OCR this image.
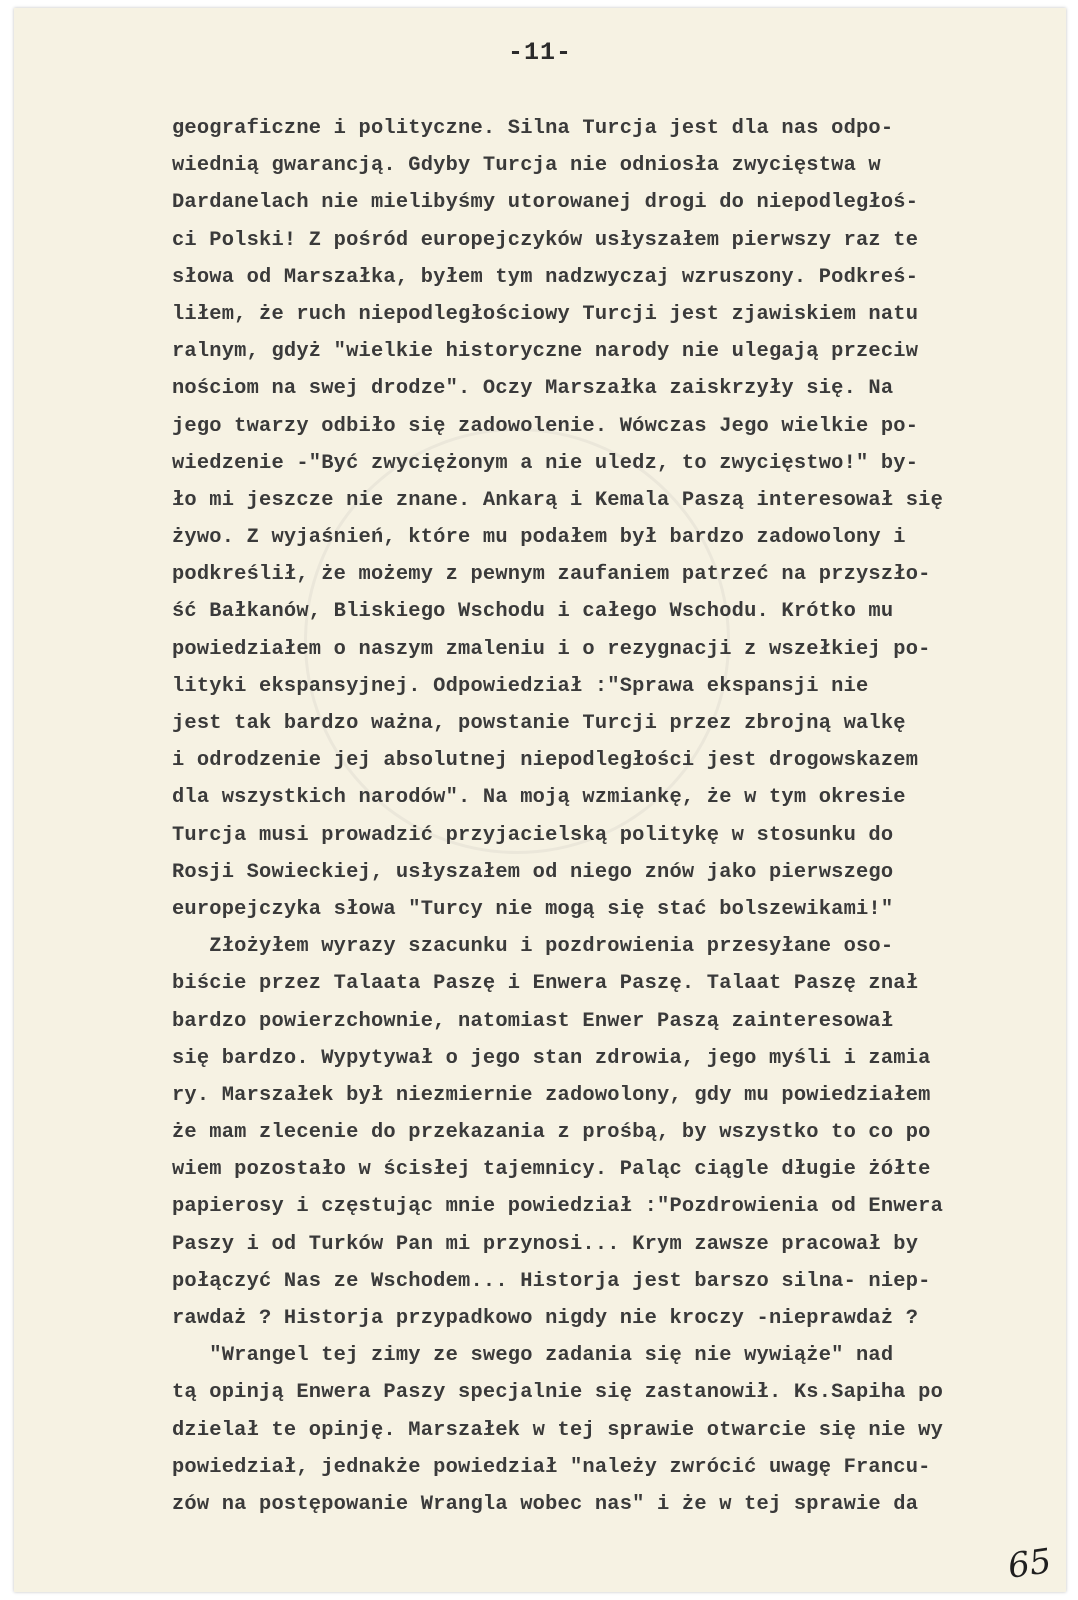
-11-
geograficzne i polityczne. Silna Turcja jest dla nas odpo-
wiednią gwarancją. Gdyby Turcja nie odniosła zwycięstwa w
Dardanelach nie mielibyśmy utorowanej drogi do niepodległoś-
ci Polski! Z pośród europejczyków usłyszałem pierwszy raz te
słowa od Marszałka, byłem tym nadzwyczaj wzruszony. Podkreś-
liłem, że ruch niepodległościowy Turcji jest zjawiskiem natu
ralnym, gdyż "wielkie historyczne narody nie ulegają przeciw
nościom na swej drodze". Oczy Marszałka zaiskrzyły się. Na
jego twarzy odbiło się zadowolenie. Wówczas Jego wielkie po-
wiedzenie -"Być zwyciężonym a nie uledz, to zwycięstwo!" by-
ło mi jeszcze nie znane. Ankarą i Kemala Paszą interesował się
żywo. Z wyjaśnień, które mu podałem był bardzo zadowolony i
podkreślił, że możemy z pewnym zaufaniem patrzeć na przyszło-
ść Bałkanów, Bliskiego Wschodu i całego Wschodu. Krótko mu
powiedziałem o naszym zmaleniu i o rezygnacji z wszełkiej po-
lityki ekspansyjnej. Odpowiedział :"Sprawa ekspansji nie
jest tak bardzo ważna, powstanie Turcji przez zbrojną walkę
i odrodzenie jej absolutnej niepodległości jest drogowskazem
dla wszystkich narodów". Na moją wzmiankę, że w tym okresie
Turcja musi prowadzić przyjacielską politykę w stosunku do
Rosji Sowieckiej, usłyszałem od niego znów jako pierwszego
europejczyka słowa "Turcy nie mogą się stać bolszewikami!"
Złożyłem wyrazy szacunku i pozdrowienia przesyłane oso-
biście przez Talaata Paszę i Enwera Paszę. Talaat Paszę znał
bardzo powierzchownie, natomiast Enwer Paszą zainteresował
się bardzo. Wypytywał o jego stan zdrowia, jego myśli i zamia
ry. Marszałek był niezmiernie zadowolony, gdy mu powiedziałem
że mam zlecenie do przekazania z prośbą, by wszystko to co po
wiem pozostało w ścisłej tajemnicy. Paląc ciągle długie żółte
papierosy i częstując mnie powiedział :"Pozdrowienia od Enwera
Paszy i od Turków Pan mi przynosi... Krym zawsze pracował by
połączyć Nas ze Wschodem... Historja jest barszo silna- niep-
rawdaż ? Historja przypadkowo nigdy nie kroczy -nieprawdaż ?
"Wrangel tej zimy ze swego zadania się nie wywiąże" nad
tą opinją Enwera Paszy specjalnie się zastanowił. Ks.Sapiha po
dzielał te opinję. Marszałek w tej sprawie otwarcie się nie wy
powiedział, jednakże powiedział "należy zwrócić uwagę Francu-
zów na postępowanie Wrangla wobec nas" i że w tej sprawie da
65
